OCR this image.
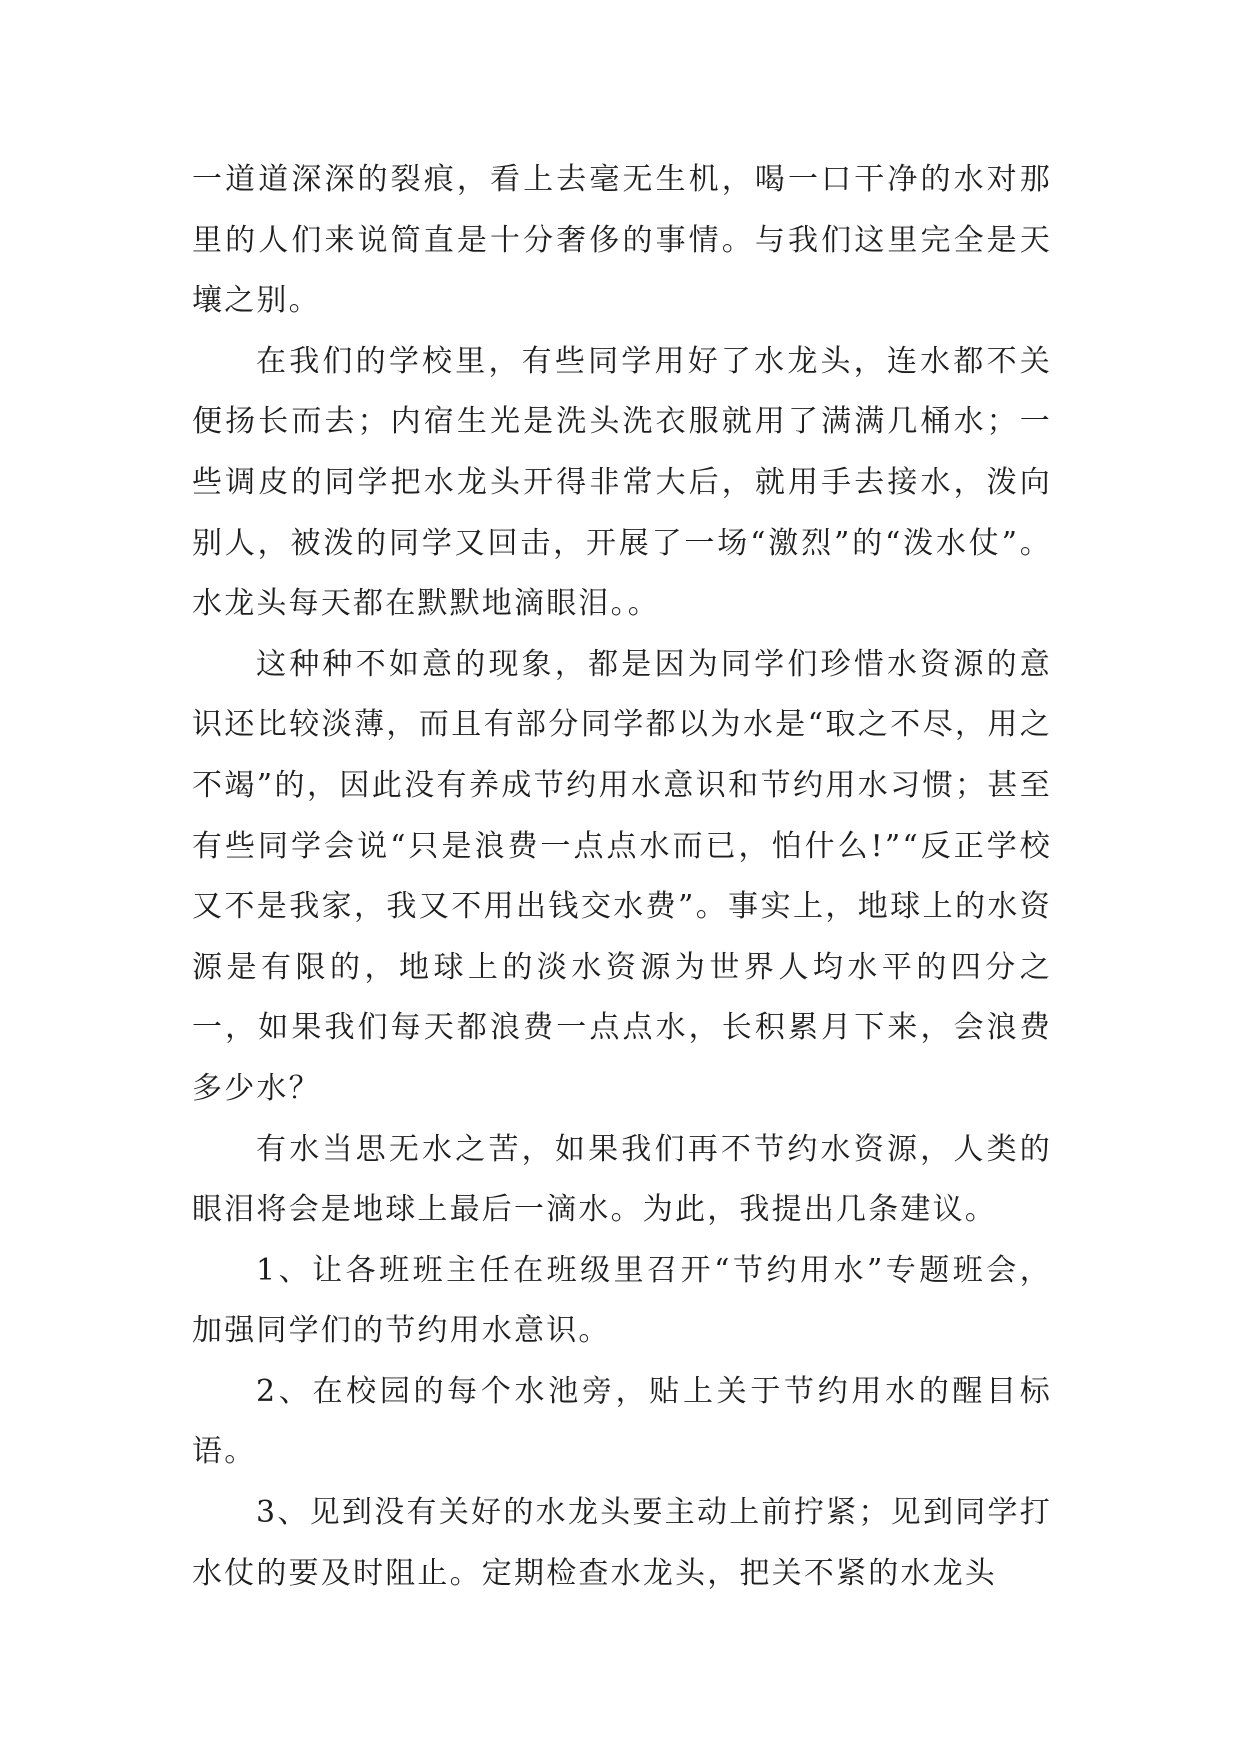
一道道深深的裂痕，看上去毫无生机，喝一口干净的水对那里的人们来说简直是十分奢侈的事情。与我们这里完全是天壤之别。

在我们的学校里，有些同学用好了水龙头，连水都不关便扬长而去；内宿生光是洗头洗衣服就用了满满几桶水；一些调皮的同学把水龙头开得非常大后，就用手去接水，泼向别人，被泼的同学又回击，开展了一场“激烈”的“泼水仗”。水龙头每天都在默默地滴眼泪。。

这种种不如意的现象，都是因为同学们珍惜水资源的意识还比较淡薄，而且有部分同学都以为水是“取之不尽，用之不竭”的，因此没有养成节约用水意识和节约用水习惯；甚至有些同学会说“只是浪费一点点水而已，怕什么!”“反正学校又不是我家，我又不用出钱交水费”。事实上，地球上的水资源是有限的，地球上的淡水资源为世界人均水平的四分之一，如果我们每天都浪费一点点水，长积累月下来，会浪费多少水？

有水当思无水之苦，如果我们再不节约水资源，人类的眼泪将会是地球上最后一滴水。为此，我提出几条建议。

1、让各班班主任在班级里召开“节约用水”专题班会，加强同学们的节约用水意识。

2、在校园的每个水池旁，贴上关于节约用水的醒目标语。

3、见到没有关好的水龙头要主动上前拧紧；见到同学打水仗的要及时阻止。定期检查水龙头，把关不紧的水龙头
